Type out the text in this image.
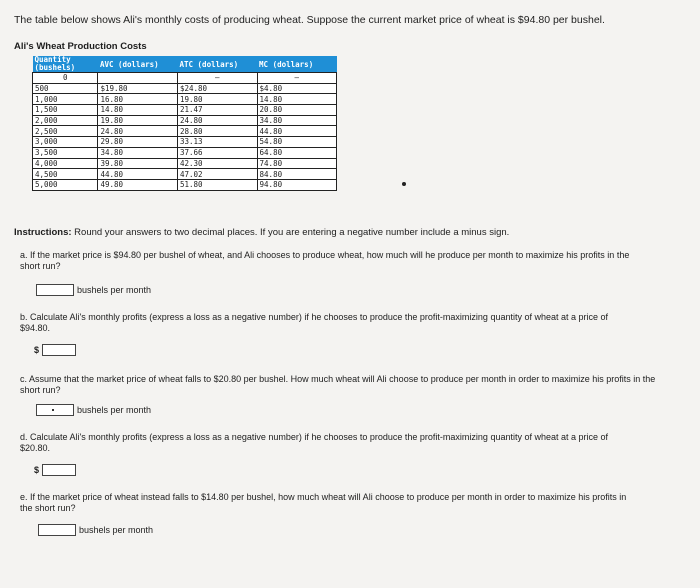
The table below shows Ali's monthly costs of producing wheat. Suppose the current market price of wheat is $94.80 per bushel.
Ali's Wheat Production Costs
Quantity (bushels)	AVC (dollars)	ATC (dollars)	MC (dollars)
0		—	—
500	$19.80	$24.80	$4.80
1,000	16.80	19.80	14.80
1,500	14.80	21.47	20.80
2,000	19.80	24.80	34.80
2,500	24.80	28.80	44.80
3,000	29.80	33.13	54.80
3,500	34.80	37.66	64.80
4,000	39.80	42.30	74.80
4,500	44.80	47.02	84.80
5,000	49.80	51.80	94.80
Instructions: Round your answers to two decimal places. If you are entering a negative number include a minus sign.
a. If the market price is $94.80 per bushel of wheat, and Ali chooses to produce wheat, how much will he produce per month to maximize his profits in the short run?
bushels per month
b. Calculate Ali's monthly profits (express a loss as a negative number) if he chooses to produce the profit-maximizing quantity of wheat at a price of $94.80.
$
c. Assume that the market price of wheat falls to $20.80 per bushel. How much wheat will Ali choose to produce per month in order to maximize his profits in the short run?
bushels per month
d. Calculate Ali's monthly profits (express a loss as a negative number) if he chooses to produce the profit-maximizing quantity of wheat at a price of $20.80.
$
e. If the market price of wheat instead falls to $14.80 per bushel, how much wheat will Ali choose to produce per month in order to maximize his profits in the short run?
bushels per month
